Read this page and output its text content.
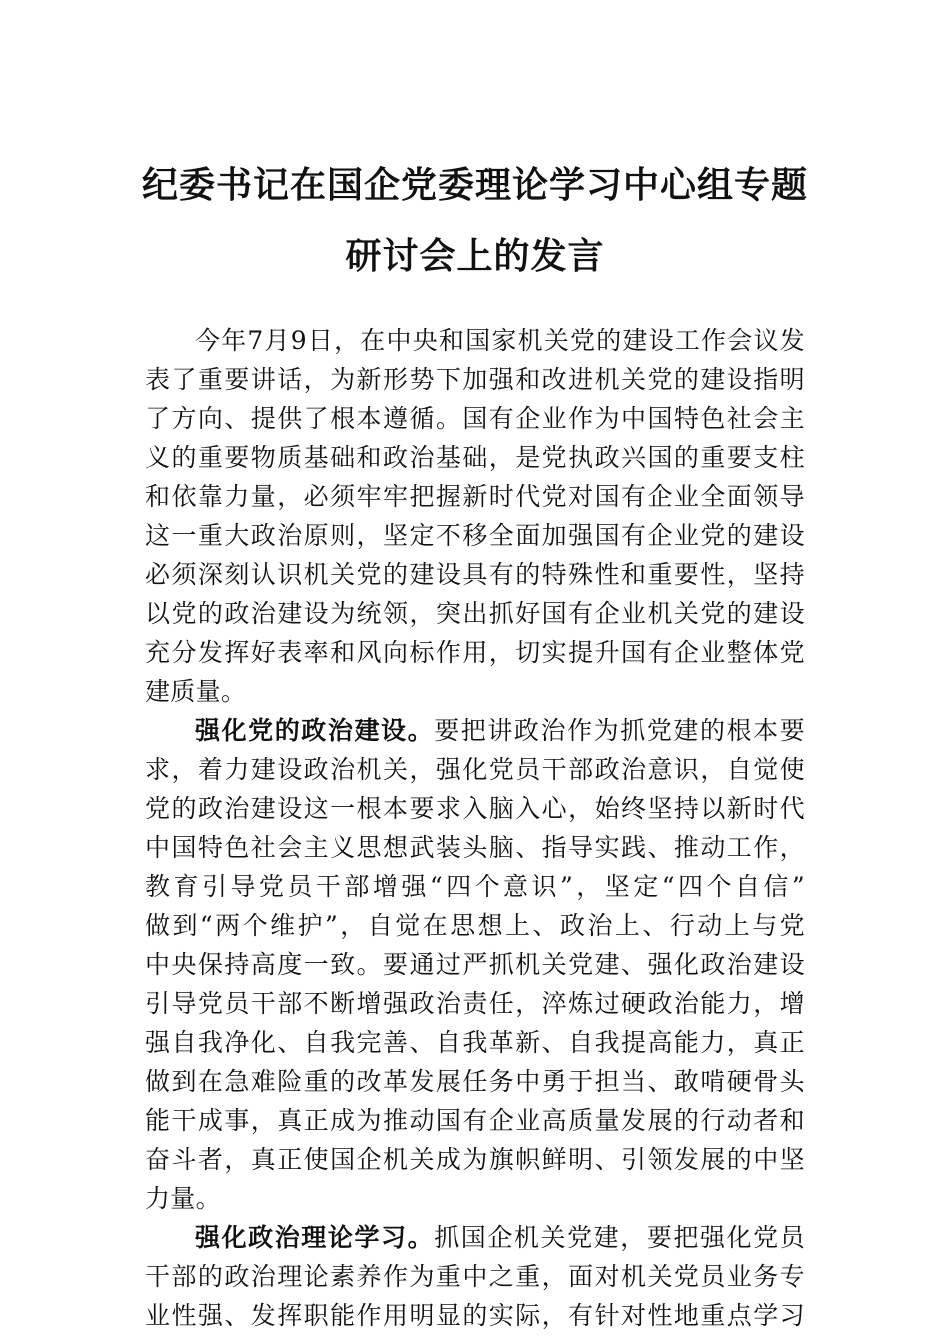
纪委书记在国企党委理论学习中心组专题
研讨会上的发言
今年7月9日，在中央和国家机关党的建设工作会议发
表了重要讲话，为新形势下加强和改进机关党的建设指明
了方向、提供了根本遵循。国有企业作为中国特色社会主
义的重要物质基础和政治基础，是党执政兴国的重要支柱
和依靠力量，必须牢牢把握新时代党对国有企业全面领导
这一重大政治原则，坚定不移全面加强国有企业党的建设
必须深刻认识机关党的建设具有的特殊性和重要性，坚持
以党的政治建设为统领，突出抓好国有企业机关党的建设
充分发挥好表率和风向标作用，切实提升国有企业整体党
建质量。
强化党的政治建设。要把讲政治作为抓党建的根本要
求，着力建设政治机关，强化党员干部政治意识，自觉使
党的政治建设这一根本要求入脑入心，始终坚持以新时代
中国特色社会主义思想武装头脑、指导实践、推动工作，
教育引导党员干部增强“四个意识”，坚定“四个自信”
做到“两个维护”，自觉在思想上、政治上、行动上与党
中央保持高度一致。要通过严抓机关党建、强化政治建设
引导党员干部不断增强政治责任，淬炼过硬政治能力，增
强自我净化、自我完善、自我革新、自我提高能力，真正
做到在急难险重的改革发展任务中勇于担当、敢啃硬骨头
能干成事，真正成为推动国有企业高质量发展的行动者和
奋斗者，真正使国企机关成为旗帜鲜明、引领发展的中坚
力量。
强化政治理论学习。抓国企机关党建，要把强化党员
干部的政治理论素养作为重中之重，面对机关党员业务专
业性强、发挥职能作用明显的实际，有针对性地重点学习
